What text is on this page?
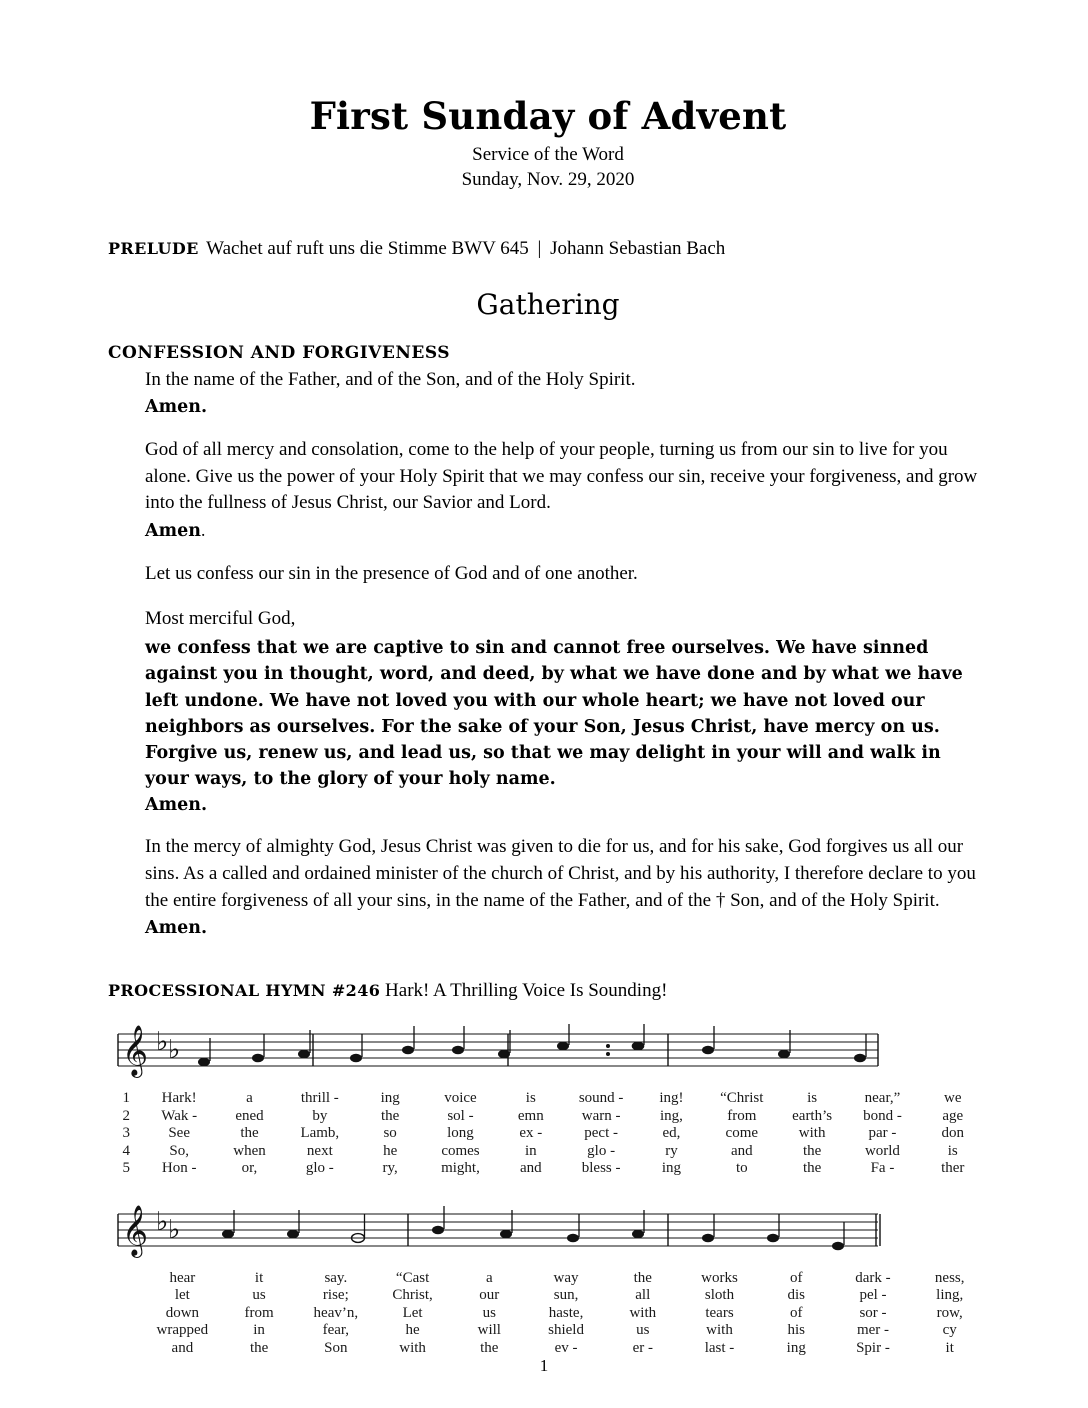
First Sunday of Advent
Service of the Word
Sunday, Nov. 29, 2020
PRELUDE Wachet auf ruft uns die Stimme BWV 645 | Johann Sebastian Bach
Gathering
CONFESSION AND FORGIVENESS

In the name of the Father, and of the Son, and of the Holy Spirit.

Amen.

God of all mercy and consolation, come to the help of your people, turning us from our sin to live for you alone. Give us the power of your Holy Spirit that we may confess our sin, receive your forgiveness, and grow into the fullness of Jesus Christ, our Savior and Lord.

Amen.

Let us confess our sin in the presence of God and of one another.

Most merciful God,

we confess that we are captive to sin and cannot free ourselves. We have sinned against you in thought, word, and deed, by what we have done and by what we have left undone. We have not loved you with our whole heart; we have not loved our neighbors as ourselves. For the sake of your Son, Jesus Christ, have mercy on us. Forgive us, renew us, and lead us, so that we may delight in your will and walk in your ways, to the glory of your holy name.

Amen.

In the mercy of almighty God, Jesus Christ was given to die for us, and for his sake, God forgives us all our sins. As a called and ordained minister of the church of Christ, and by his authority, I therefore declare to you the entire forgiveness of all your sins, in the name of the Father, and of the † Son, and of the Holy Spirit.

Amen.

PROCESSIONAL HYMN #246 Hark! A Thrilling Voice Is Sounding!
𝄞 ♭ ♭
1	Hark!	a	thrill -	ing	voice	is	sound -	ing!	“Christ	is	near,”	we
2	Wak -	ened	by	the	sol -	emn	warn -	ing,	from	earth’s	bond -	age
3	See	the	Lamb,	so	long	ex -	pect -	ed,	come	with	par -	don
4	So,	when	next	he	comes	in	glo -	ry	and	the	world	is
5	Hon -	or,	glo -	ry,	might,	and	bless -	ing	to	the	Fa -	ther
𝄞 ♭ ♭
hear	it	say.	“Cast	a	way	the	works	of	dark -	ness,
let	us	rise;	Christ,	our	sun,	all	sloth	dis	pel -	ling,
down	from	heav’n,	Let	us	haste,	with	tears	of	sor -	row,
wrapped	in	fear,	he	will	shield	us	with	his	mer -	cy
and	the	Son	with	the	ev -	er -	last -	ing	Spir -	it
1
